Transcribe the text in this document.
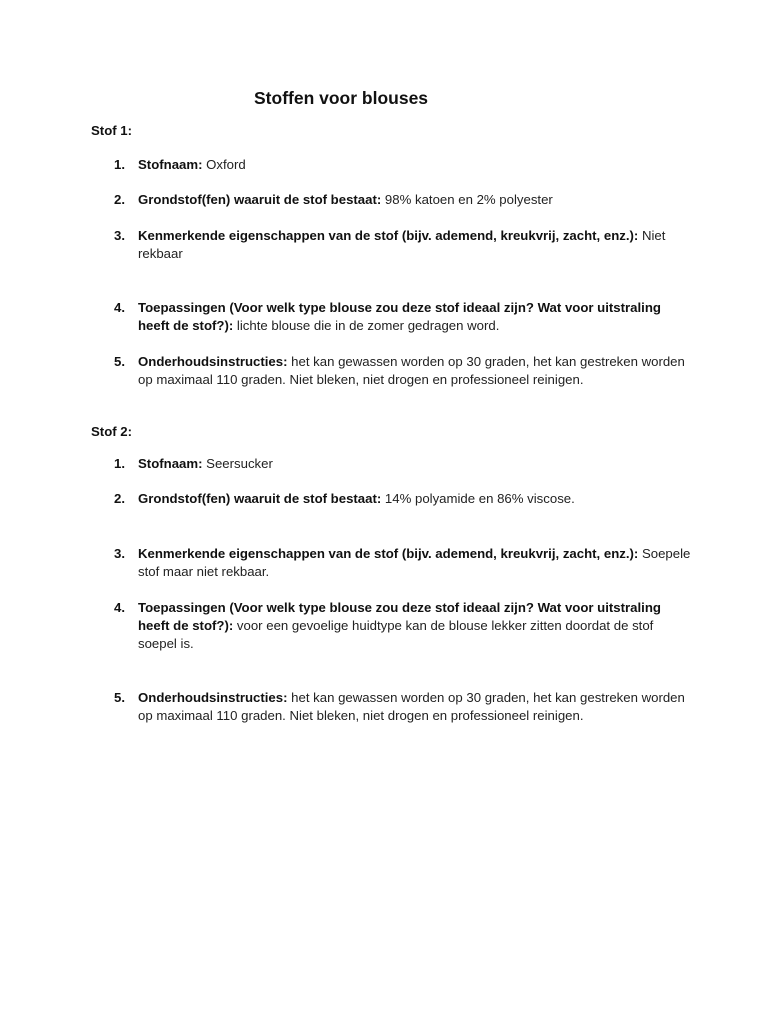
Stoffen voor blouses
Stof 1:
1. Stofnaam: Oxford
2. Grondstof(fen) waaruit de stof bestaat: 98% katoen en 2% polyester
3. Kenmerkende eigenschappen van de stof (bijv. ademend, kreukvrij, zacht, enz.): Niet rekbaar
4. Toepassingen (Voor welk type blouse zou deze stof ideaal zijn? Wat voor uitstraling heeft de stof?): lichte blouse die in de zomer gedragen word.
5. Onderhoudsinstructies: het kan gewassen worden op 30 graden, het kan gestreken worden op maximaal 110 graden. Niet bleken, niet drogen en professioneel reinigen.
Stof 2:
1. Stofnaam: Seersucker
2. Grondstof(fen) waaruit de stof bestaat: 14% polyamide en 86% viscose.
3. Kenmerkende eigenschappen van de stof (bijv. ademend, kreukvrij, zacht, enz.): Soepele stof maar niet rekbaar.
4. Toepassingen (Voor welk type blouse zou deze stof ideaal zijn? Wat voor uitstraling heeft de stof?): voor een gevoelige huidtype kan de blouse lekker zitten doordat de stof soepel is.
5. Onderhoudsinstructies: het kan gewassen worden op 30 graden, het kan gestreken worden op maximaal 110 graden. Niet bleken, niet drogen en professioneel reinigen.
